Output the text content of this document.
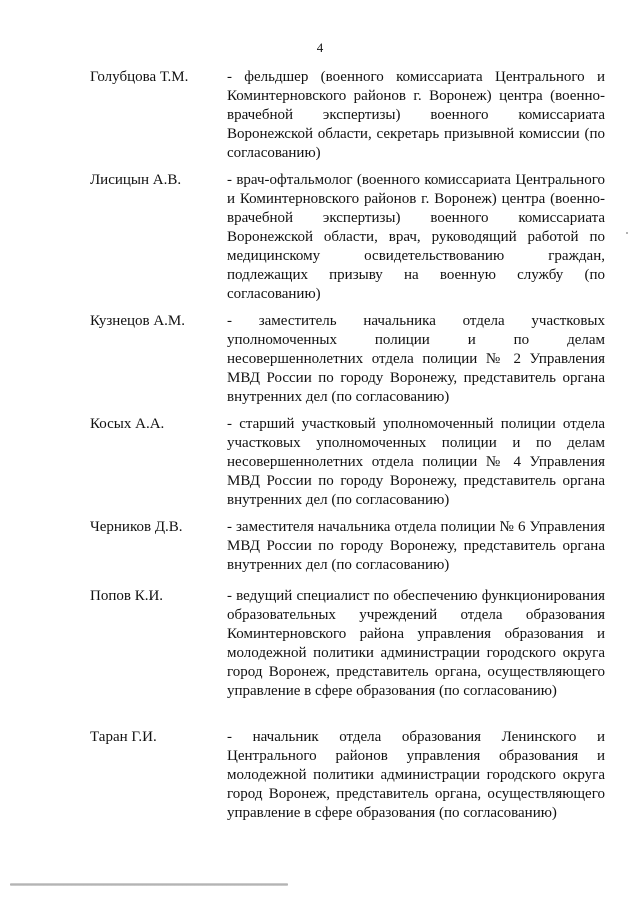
4
Голубцова Т.М.	- фельдшер (военного комиссариата Центрального и Коминтерновского районов г. Воронеж) центра (военно-врачебной экспертизы) военного комиссариата Воронежской области, секретарь призывной комиссии (по согласованию)
Лисицын А.В.	- врач-офтальмолог (военного комиссариата Центрального и Коминтерновского районов г. Воронеж) центра (военно-врачебной экспертизы) военного комиссариата Воронежской области, врач, руководящий работой по медицинскому освидетельствованию граждан, подлежащих призыву на военную службу (по согласованию)
Кузнецов А.М.	- заместитель начальника отдела участковых уполномоченных полиции и по делам несовершеннолетних отдела полиции № 2 Управления МВД России по городу Воронежу, представитель органа внутренних дел (по согласованию)
Косых А.А.	- старший участковый уполномоченный полиции отдела участковых уполномоченных полиции и по делам несовершеннолетних отдела полиции № 4 Управления МВД России по городу Воронежу, представитель органа внутренних дел (по согласованию)
Черников Д.В.	- заместителя начальника отдела полиции № 6 Управления МВД России по городу Воронежу, представитель органа внутренних дел (по согласованию)
Попов К.И.	- ведущий специалист по обеспечению функционирования образовательных учреждений отдела образования Коминтерновского района управления образования и молодежной политики администрации городского округа город Воронеж, представитель органа, осуществляющего управление в сфере образования (по согласованию)
Таран Г.И.	- начальник отдела образования Ленинского и Центрального районов управления образования и молодежной политики администрации городского округа город Воронеж, представитель органа, осуществляющего управление в сфере образования (по согласованию)
